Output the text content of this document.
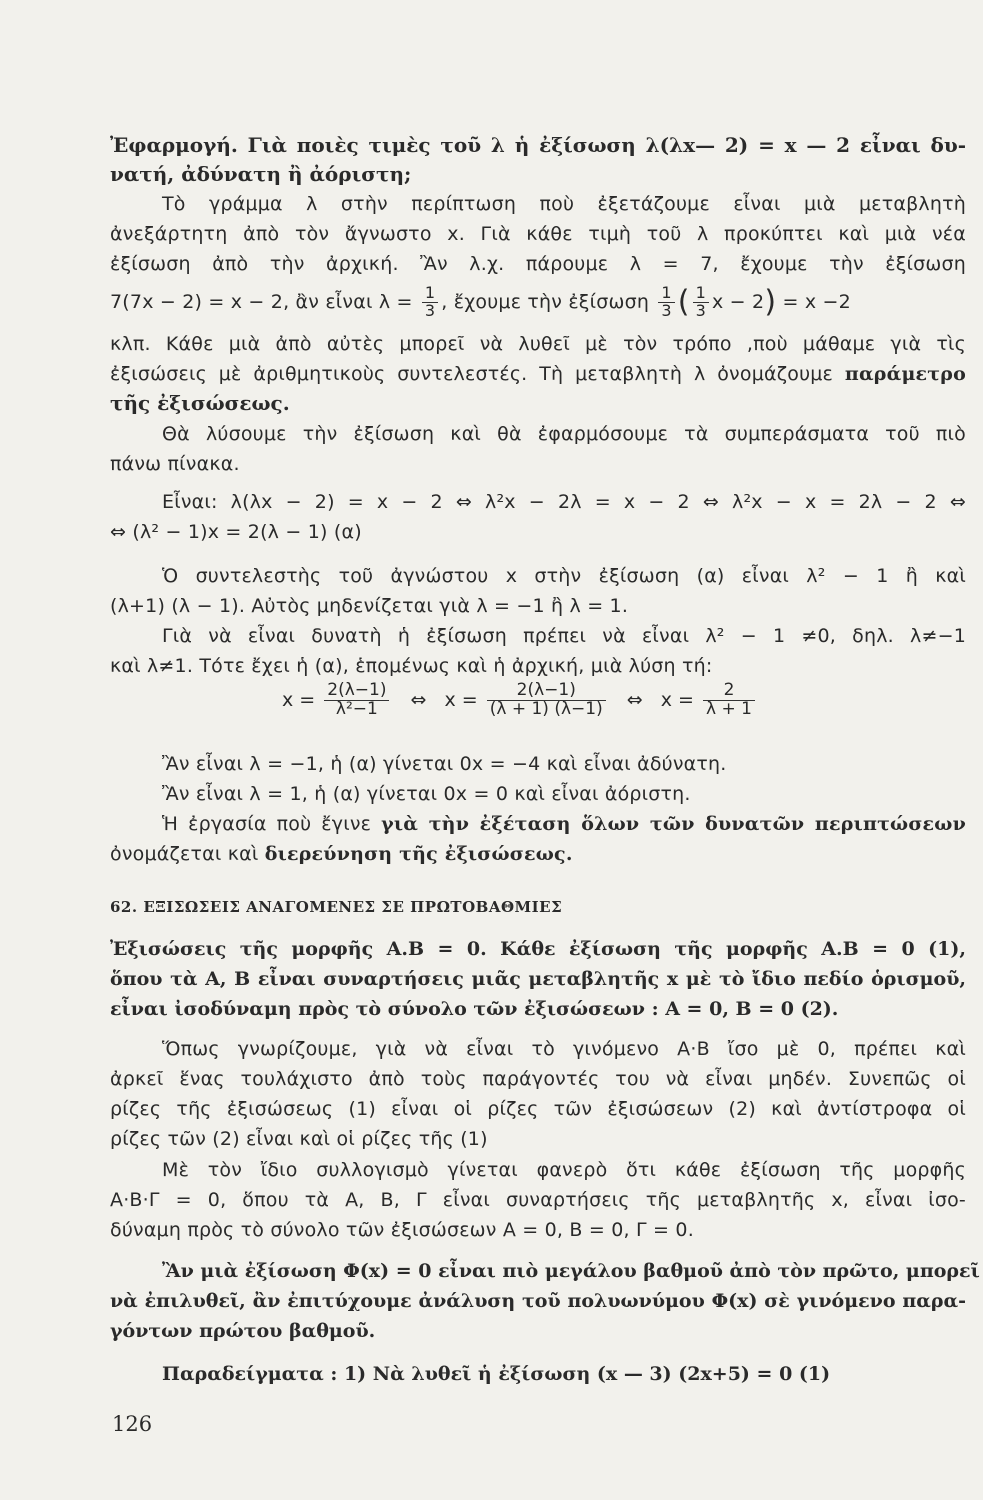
Ἐφαρμογή. Γιὰ ποιὲς τιμὲς τοῦ λ ἡ ἐξίσωση λ(λx— 2) = x — 2 εἶναι δυ-
νατή, ἀδύνατη ἢ ἀόριστη;
Τὸ γράμμα λ στὴν περίπτωση ποὺ ἐξετάζουμε εἶναι μιὰ μεταβλητὴ
ἀνεξάρτητη ἀπὸ τὸν ἄγνωστο x. Γιὰ κάθε τιμὴ τοῦ λ προκύπτει καὶ μιὰ νέα
ἐξίσωση ἀπὸ τὴν ἀρχική. Ἂν λ.χ. πάρουμε λ = 7, ἔχουμε τὴν ἐξίσωση
7(7x − 2) = x − 2, ἂν εἶναι $\lambda = \frac{1}{3}$ , ἔχουμε τὴν ἐξίσωση $\frac{1}{3}$ ( $\frac{1}{3}$ x − 2) = x −2
κλπ. Κάθε μιὰ ἀπὸ αὐτὲς μπορεῖ νὰ λυθεῖ μὲ τὸν τρόπο ,ποὺ μάθαμε γιὰ τὶς
ἐξισώσεις μὲ ἀριθμητικοὺς συντελεστές. Τὴ μεταβλητὴ λ ὀνομάζουμε παράμετρο
τῆς ἐξισώσεως.
Θὰ λύσουμε τὴν ἐξίσωση καὶ θὰ ἐφαρμόσουμε τὰ συμπεράσματα τοῦ πιὸ
πάνω πίνακα.
Εἶναι: λ(λx − 2) = x − 2 ⇔ λ²x − 2λ = x − 2 ⇔ λ²x − x = 2λ − 2 ⇔
⇔ (λ² − 1)x = 2(λ − 1) (α)
Ὁ συντελεστὴς τοῦ ἀγνώστου x στὴν ἐξίσωση (α) εἶναι λ² − 1 ἢ καὶ
(λ+1) (λ − 1). Αὐτὸς μηδενίζεται γιὰ λ = −1 ἢ λ = 1.
Γιὰ νὰ εἶναι δυνατὴ ἡ ἐξίσωση πρέπει νὰ εἶναι λ² − 1 ≠0, δηλ. λ≠−1
καὶ λ≠1. Τότε ἔχει ἡ (α), ἑπομένως καὶ ἡ ἀρχική, μιὰ λύση τή:
$x = \frac{2(\lambda-1)}{\text{λ²−1}}$ ⇔ $x = \frac{2(\lambda-1)}{(\lambda + 1) (\lambda-1)}$ ⇔ $x = \frac{2}{\lambda + 1}$
Ἂν εἶναι λ = −1, ἡ (α) γίνεται 0x = −4 καὶ εἶναι ἀδύνατη.
Ἂν εἶναι λ = 1, ἡ (α) γίνεται 0x = 0 καὶ εἶναι ἀόριστη.
Ἡ ἐργασία ποὺ ἔγινε γιὰ τὴν ἐξέταση ὅλων τῶν δυνατῶν περιπτώσεων
ὀνομάζεται καὶ διερεύνηση τῆς ἐξισώσεως.
62. ΕΞΙΣΩΣΕΙΣ ΑΝΑΓΟΜΕΝΕΣ ΣΕ ΠΡΩΤΟΒΑΘΜΙΕΣ
Ἐξισώσεις τῆς μορφῆς Α.Β = 0. Κάθε ἐξίσωση τῆς μορφῆς Α.Β = 0 (1),
ὅπου τὰ Α, Β εἶναι συναρτήσεις μιᾶς μεταβλητῆς x μὲ τὸ ἴδιο πεδίο ὁρισμοῦ,
εἶναι ἰσοδύναμη πρὸς τὸ σύνολο τῶν ἐξισώσεων : Α = 0, Β = 0 (2).
Ὅπως γνωρίζουμε, γιὰ νὰ εἶναι τὸ γινόμενο Α·Β ἴσο μὲ 0, πρέπει καὶ
ἀρκεῖ ἕνας τουλάχιστο ἀπὸ τοὺς παράγοντές του νὰ εἶναι μηδέν. Συνεπῶς οἱ
ρίζες τῆς ἐξισώσεως (1) εἶναι οἱ ρίζες τῶν ἐξισώσεων (2) καὶ ἀντίστροφα οἱ
ρίζες τῶν (2) εἶναι καὶ οἱ ρίζες τῆς (1)
Μὲ τὸν ἴδιο συλλογισμὸ γίνεται φανερὸ ὅτι κάθε ἐξίσωση τῆς μορφῆς
Α·Β·Γ = 0, ὅπου τὰ Α, Β, Γ εἶναι συναρτήσεις τῆς μεταβλητῆς x, εἶναι ἰσο-
δύναμη πρὸς τὸ σύνολο τῶν ἐξισώσεων Α = 0, Β = 0, Γ = 0.
Ἂν μιὰ ἐξίσωση Φ(x) = 0 εἶναι πιὸ μεγάλου βαθμοῦ ἀπὸ τὸν πρῶτο, μπορεῖ
νὰ ἐπιλυθεῖ, ἂν ἐπιτύχουμε ἀνάλυση τοῦ πολυωνύμου Φ(x) σὲ γινόμενο παρα-
γόντων πρώτου βαθμοῦ.
Παραδείγματα : 1) Νὰ λυθεῖ ἡ ἐξίσωση (x — 3) (2x+5) = 0 (1)
126
